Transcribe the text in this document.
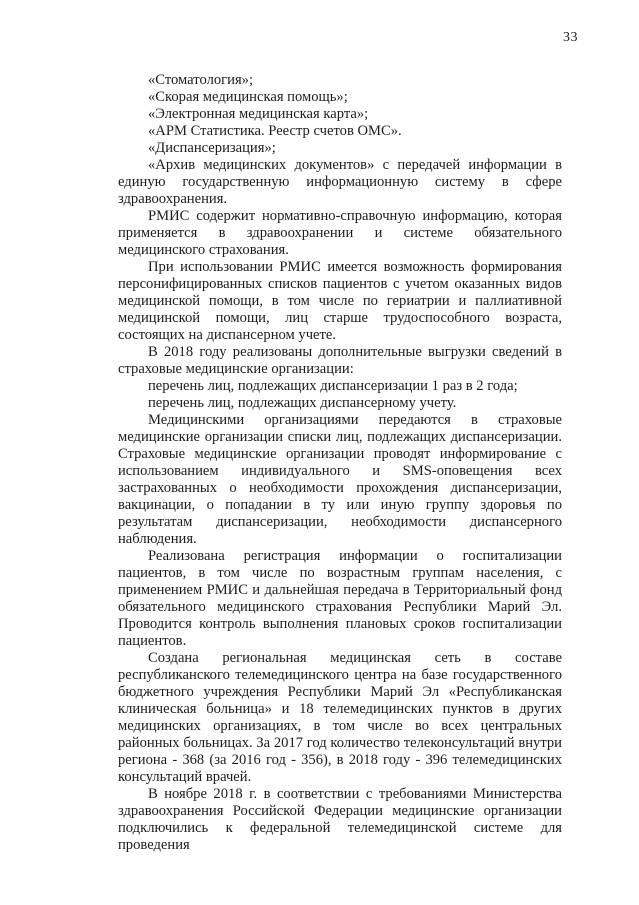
33

«Стоматология»;

«Скорая медицинская помощь»;

«Электронная медицинская карта»;

«АРМ Статистика. Реестр счетов ОМС».

«Диспансеризация»;

«Архив медицинских документов» с передачей информации в единую государственную информационную систему в сфере здравоохранения.

РМИС содержит нормативно-справочную информацию, которая применяется в здравоохранении и системе обязательного медицинского страхования.

При использовании РМИС имеется возможность формирования персонифицированных списков пациентов с учетом оказанных видов медицинской помощи, в том числе по гериатрии и паллиативной медицинской помощи, лиц старше трудоспособного возраста, состоящих на диспансерном учете.

В 2018 году реализованы дополнительные выгрузки сведений в страховые медицинские организации:

перечень лиц, подлежащих диспансеризации 1 раз в 2 года;

перечень лиц, подлежащих диспансерному учету.

Медицинскими организациями передаются в страховые медицинские организации списки лиц, подлежащих диспансеризации. Страховые медицинские организации проводят информирование с использованием индивидуального и SMS-оповещения всех застрахованных о необходимости прохождения диспансеризации, вакцинации, о попадании в ту или иную группу здоровья по результатам диспансеризации, необходимости диспансерного наблюдения.

Реализована регистрация информации о госпитализации пациентов, в том числе по возрастным группам населения, с применением РМИС и дальнейшая передача в Территориальный фонд обязательного медицинского страхования Республики Марий Эл. Проводится контроль выполнения плановых сроков госпитализации пациентов.

Создана региональная медицинская сеть в составе республиканского телемедицинского центра на базе государственного бюджетного учреждения Республики Марий Эл «Республиканская клиническая больница» и 18 телемедицинских пунктов в других медицинских организациях, в том числе во всех центральных районных больницах. За 2017 год количество телеконсультаций внутри региона - 368 (за 2016 год - 356), в 2018 году - 396 телемедицинских консультаций врачей.

В ноябре 2018 г. в соответствии с требованиями Министерства здравоохранения Российской Федерации медицинские организации подключились к федеральной телемедицинской системе для проведения
